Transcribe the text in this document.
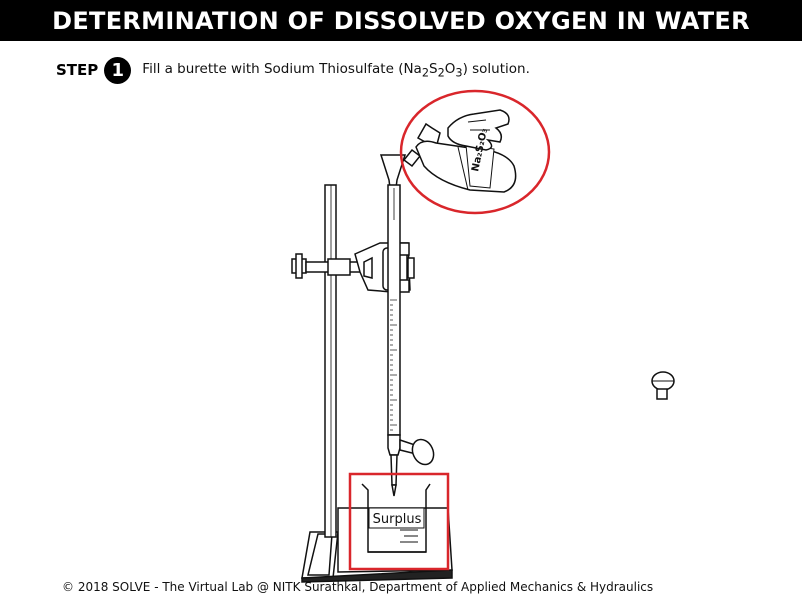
DETERMINATION OF DISSOLVED OXYGEN IN WATER
STEP 1	Fill a burette with Sodium Thiosulfate $(Na_2S_2O_3)$ solution.
Na₂S₂O₃
Surplus
© 2018 SOLVE - The Virtual Lab @ NITK Surathkal, Department of Applied Mechanics & Hydraulics
